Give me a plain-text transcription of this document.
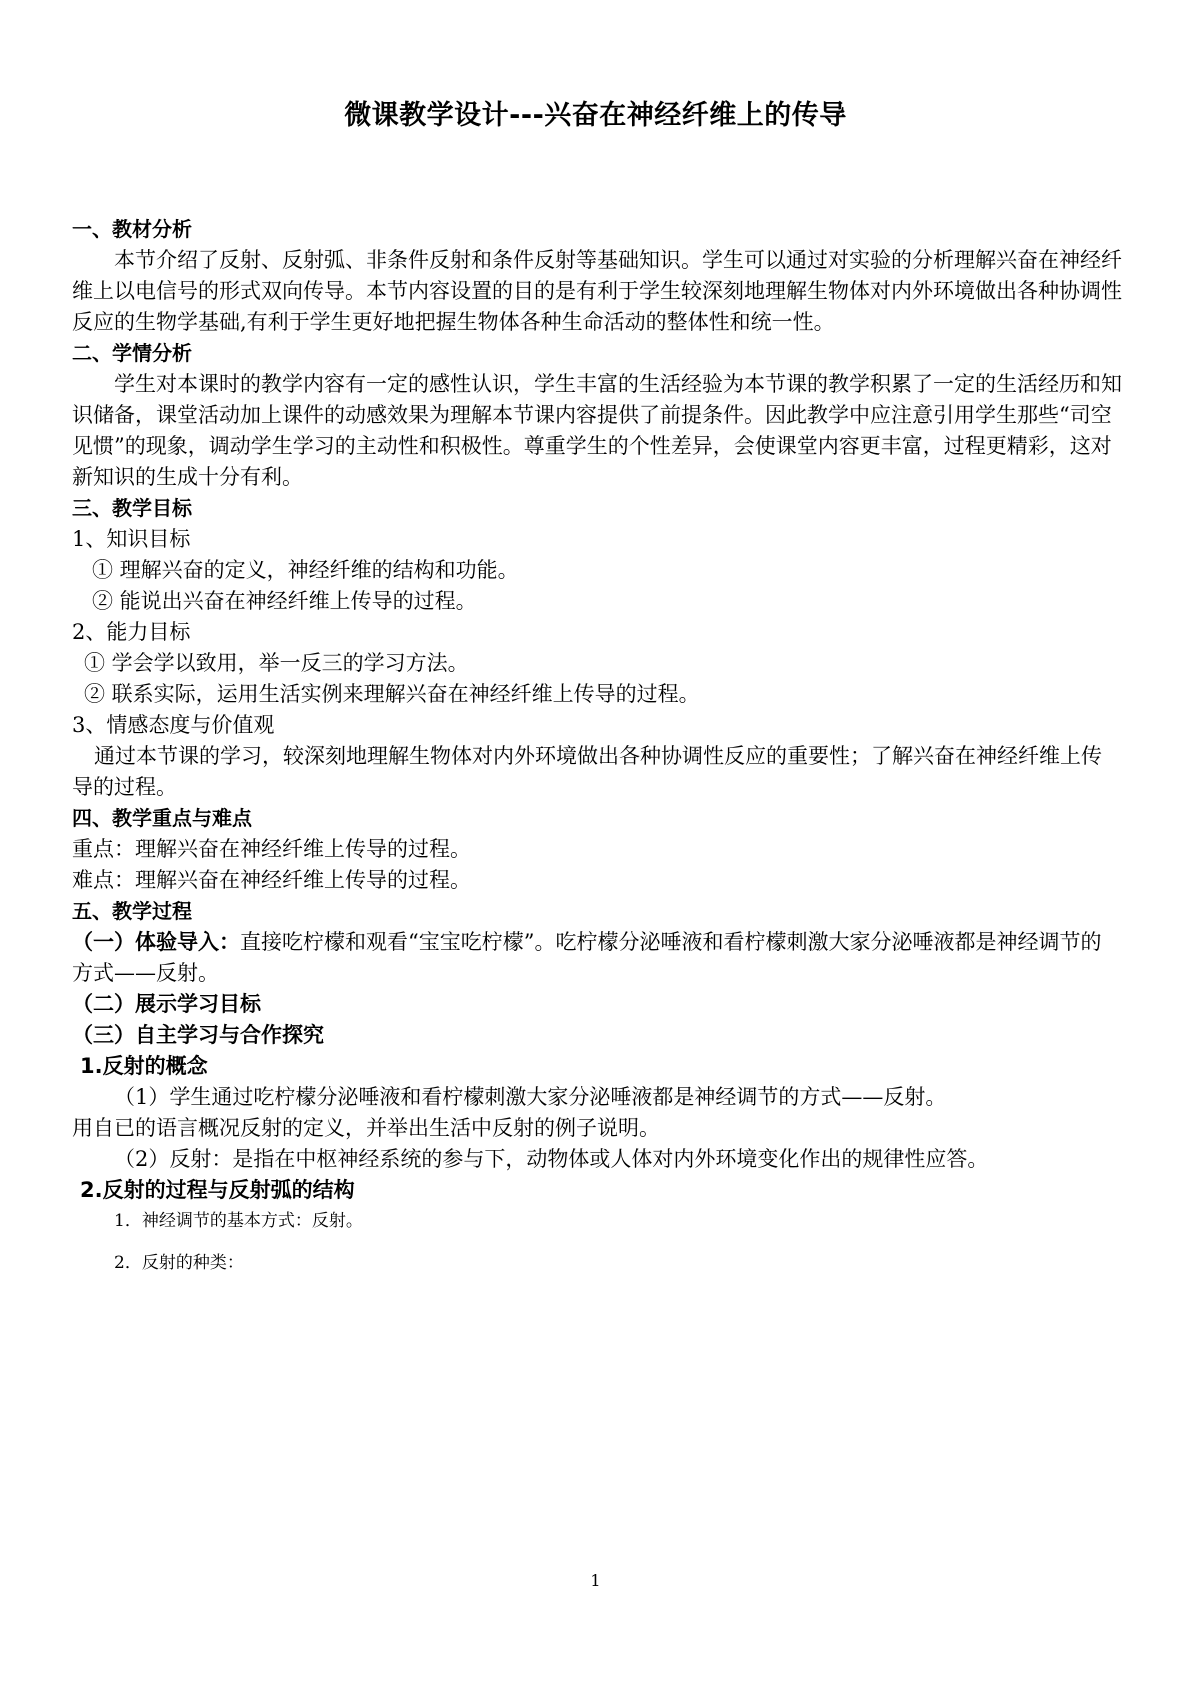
微课教学设计---兴奋在神经纤维上的传导

一、教材分析

本节介绍了反射、反射弧、非条件反射和条件反射等基础知识。学生可以通过对实验的分析理解兴奋在神经纤维上以电信号的形式双向传导。本节内容设置的目的是有利于学生较深刻地理解生物体对内外环境做出各种协调性反应的生物学基础,有利于学生更好地把握生物体各种生命活动的整体性和统一性。

二、学情分析

学生对本课时的教学内容有一定的感性认识，学生丰富的生活经验为本节课的教学积累了一定的生活经历和知识储备，课堂活动加上课件的动感效果为理解本节课内容提供了前提条件。因此教学中应注意引用学生那些“司空见惯”的现象，调动学生学习的主动性和积极性。尊重学生的个性差异，会使课堂内容更丰富，过程更精彩，这对新知识的生成十分有利。

三、教学目标

1、知识目标

① 理解兴奋的定义，神经纤维的结构和功能。

② 能说出兴奋在神经纤维上传导的过程。

2、能力目标

① 学会学以致用，举一反三的学习方法。

② 联系实际，运用生活实例来理解兴奋在神经纤维上传导的过程。

3、情感态度与价值观

通过本节课的学习，较深刻地理解生物体对内外环境做出各种协调性反应的重要性；了解兴奋在神经纤维上传导的过程。

四、教学重点与难点

重点：理解兴奋在神经纤维上传导的过程。

难点：理解兴奋在神经纤维上传导的过程。

五、教学过程

（一）体验导入：直接吃柠檬和观看“宝宝吃柠檬”。吃柠檬分泌唾液和看柠檬刺激大家分泌唾液都是神经调节的方式——反射。

（二）展示学习目标

（三）自主学习与合作探究

1.反射的概念

（1）学生通过吃柠檬分泌唾液和看柠檬刺激大家分泌唾液都是神经调节的方式——反射。

用自已的语言概况反射的定义，并举出生活中反射的例子说明。

（2）反射：是指在中枢神经系统的参与下，动物体或人体对内外环境变化作出的规律性应答。

2.反射的过程与反射弧的结构

1．神经调节的基本方式：反射。

2．反射的种类：

1
